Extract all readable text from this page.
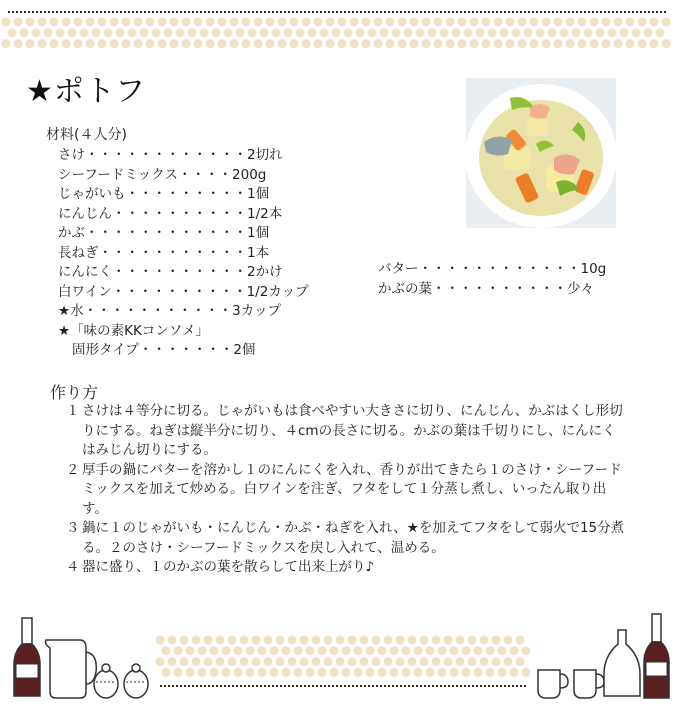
★ポトフ
材料(４人分)
さけ・・・・・・・・・・・・2切れ
シーフードミックス・・・・200g
じゃがいも・・・・・・・・・1個
にんじん・・・・・・・・・・1/2本
かぶ・・・・・・・・・・・・1個
長ねぎ・・・・・・・・・・・1本
にんにく・・・・・・・・・・2かけ
白ワイン・・・・・・・・・・1/2カップ
★水・・・・・・・・・・・3カップ
★「味の素KKコンソメ」
固形タイプ・・・・・・・2個
バター・・・・・・・・・・・・10g
かぶの葉・・・・・・・・・・少々
作り方
１ さけは４等分に切る。じゃがいもは食べやすい大きさに切り、にんじん、かぶはくし形切りにする。ねぎは縦半分に切り、４cmの長さに切る。かぶの葉は千切りにし、にんにくはみじん切りにする。
２ 厚手の鍋にバターを溶かし１のにんにくを入れ、香りが出てきたら１のさけ・シーフードミックスを加えて炒める。白ワインを注ぎ、フタをして１分蒸し煮し、いったん取り出す。
３ 鍋に１のじゃがいも・にんじん・かぶ・ねぎを入れ、★を加えてフタをして弱火で15分煮る。２のさけ・シーフードミックスを戻し入れて、温める。
４ 器に盛り、１のかぶの葉を散らして出来上がり♪
